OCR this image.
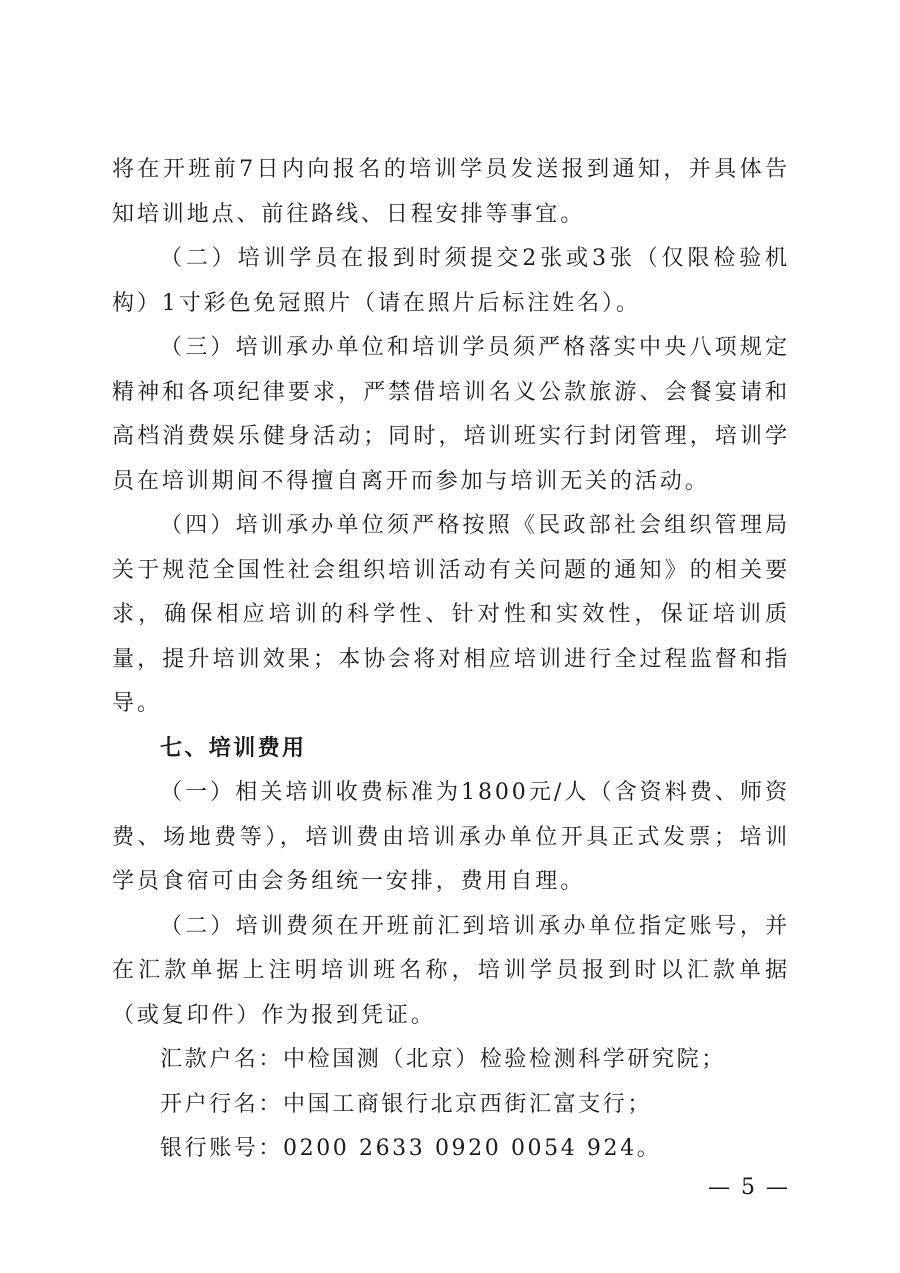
将在开班前7日内向报名的培训学员发送报到通知，并具体告知培训地点、前往路线、日程安排等事宜。

（二）培训学员在报到时须提交2张或3张（仅限检验机构）1寸彩色免冠照片（请在照片后标注姓名）。

（三）培训承办单位和培训学员须严格落实中央八项规定精神和各项纪律要求，严禁借培训名义公款旅游、会餐宴请和高档消费娱乐健身活动；同时，培训班实行封闭管理，培训学员在培训期间不得擅自离开而参加与培训无关的活动。

（四）培训承办单位须严格按照《民政部社会组织管理局关于规范全国性社会组织培训活动有关问题的通知》的相关要求，确保相应培训的科学性、针对性和实效性，保证培训质量，提升培训效果；本协会将对相应培训进行全过程监督和指导。

七、培训费用

（一）相关培训收费标准为1800元/人（含资料费、师资费、场地费等），培训费由培训承办单位开具正式发票；培训学员食宿可由会务组统一安排，费用自理。

（二）培训费须在开班前汇到培训承办单位指定账号，并在汇款单据上注明培训班名称，培训学员报到时以汇款单据（或复印件）作为报到凭证。

汇款户名：中检国测（北京）检验检测科学研究院；

开户行名：中国工商银行北京西街汇富支行；

银行账号：0200 2633 0920 0054 924。

— 5 —
